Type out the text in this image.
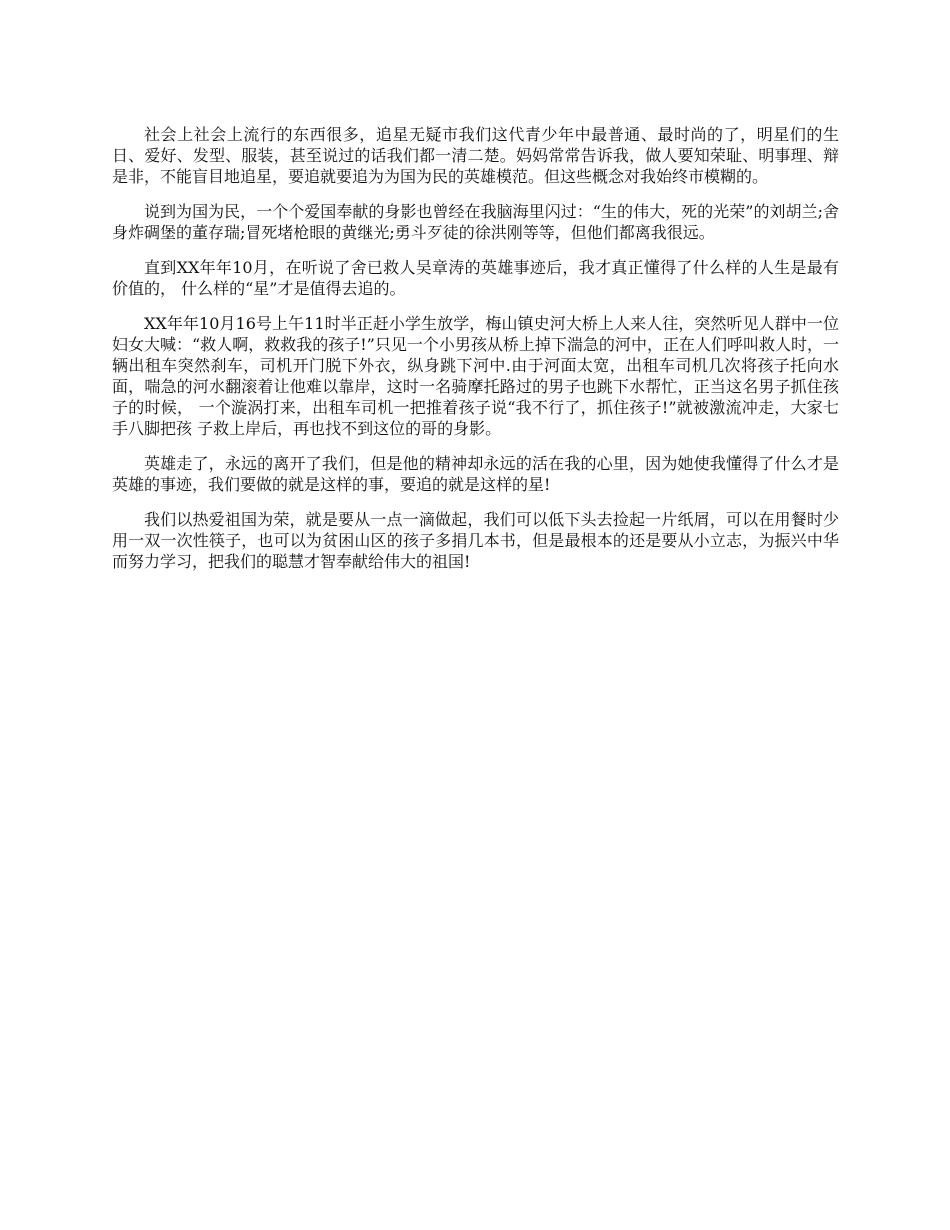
社会上社会上流行的东西很多，追星无疑市我们这代青少年中最普通、最时尚的了，明星们的生日、爱好、发型、服装，甚至说过的话我们都一清二楚。妈妈常常告诉我，做人要知荣耻、明事理、辩是非，不能盲目地追星，要追就要追为为国为民的英雄模范。但这些概念对我始终市模糊的。

说到为国为民，一个个爱国奉献的身影也曾经在我脑海里闪过：“生的伟大，死的光荣”的刘胡兰;舍身炸碉堡的董存瑞;冒死堵枪眼的黄继光;勇斗歹徒的徐洪刚等等，但他们都离我很远。

直到XX年年10月，在听说了舍已救人吴章涛的英雄事迹后，我才真正懂得了什么样的人生是最有价值的， 什么样的“星”才是值得去追的。

XX年年10月16号上午11时半正赶小学生放学，梅山镇史河大桥上人来人往，突然听见人群中一位妇女大喊：“救人啊，救救我的孩子!”只见一个小男孩从桥上掉下湍急的河中，正在人们呼叫救人时，一辆出租车突然刹车，司机开门脱下外衣，纵身跳下河中.由于河面太宽，出租车司机几次将孩子托向水面，喘急的河水翻滚着让他难以靠岸，这时一名骑摩托路过的男子也跳下水帮忙，正当这名男子抓住孩子的时候， 一个漩涡打来，出租车司机一把推着孩子说“我不行了，抓住孩子!”就被激流冲走，大家七手八脚把孩 子救上岸后，再也找不到这位的哥的身影。

英雄走了，永远的离开了我们，但是他的精神却永远的活在我的心里，因为她使我懂得了什么才是英雄的事迹，我们要做的就是这样的事，要追的就是这样的星!

我们以热爱祖国为荣，就是要从一点一滴做起，我们可以低下头去捡起一片纸屑，可以在用餐时少用一双一次性筷子，也可以为贫困山区的孩子多捐几本书，但是最根本的还是要从小立志，为振兴中华而努力学习，把我们的聪慧才智奉献给伟大的祖国!
